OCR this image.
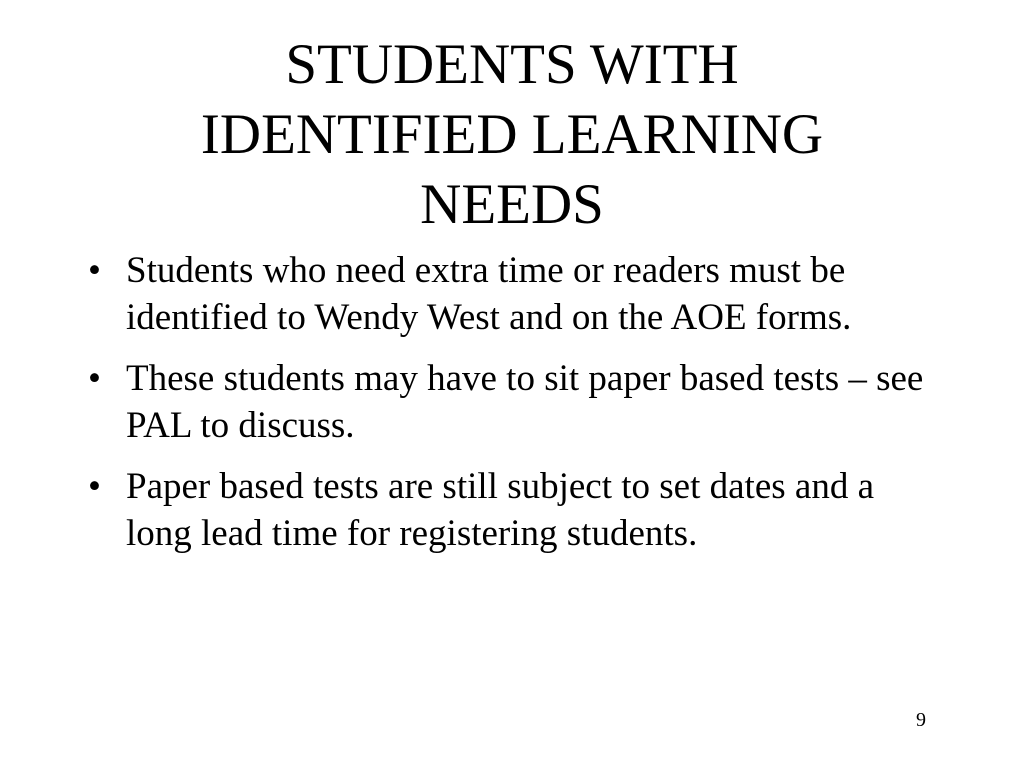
STUDENTS WITH
IDENTIFIED LEARNING
NEEDS
• Students who need extra time or readers must be identified to Wendy West and on the AOE forms.
• These students may have to sit paper based tests – see PAL to discuss.
• Paper based tests are still subject to set dates and a long lead time for registering students.
9
